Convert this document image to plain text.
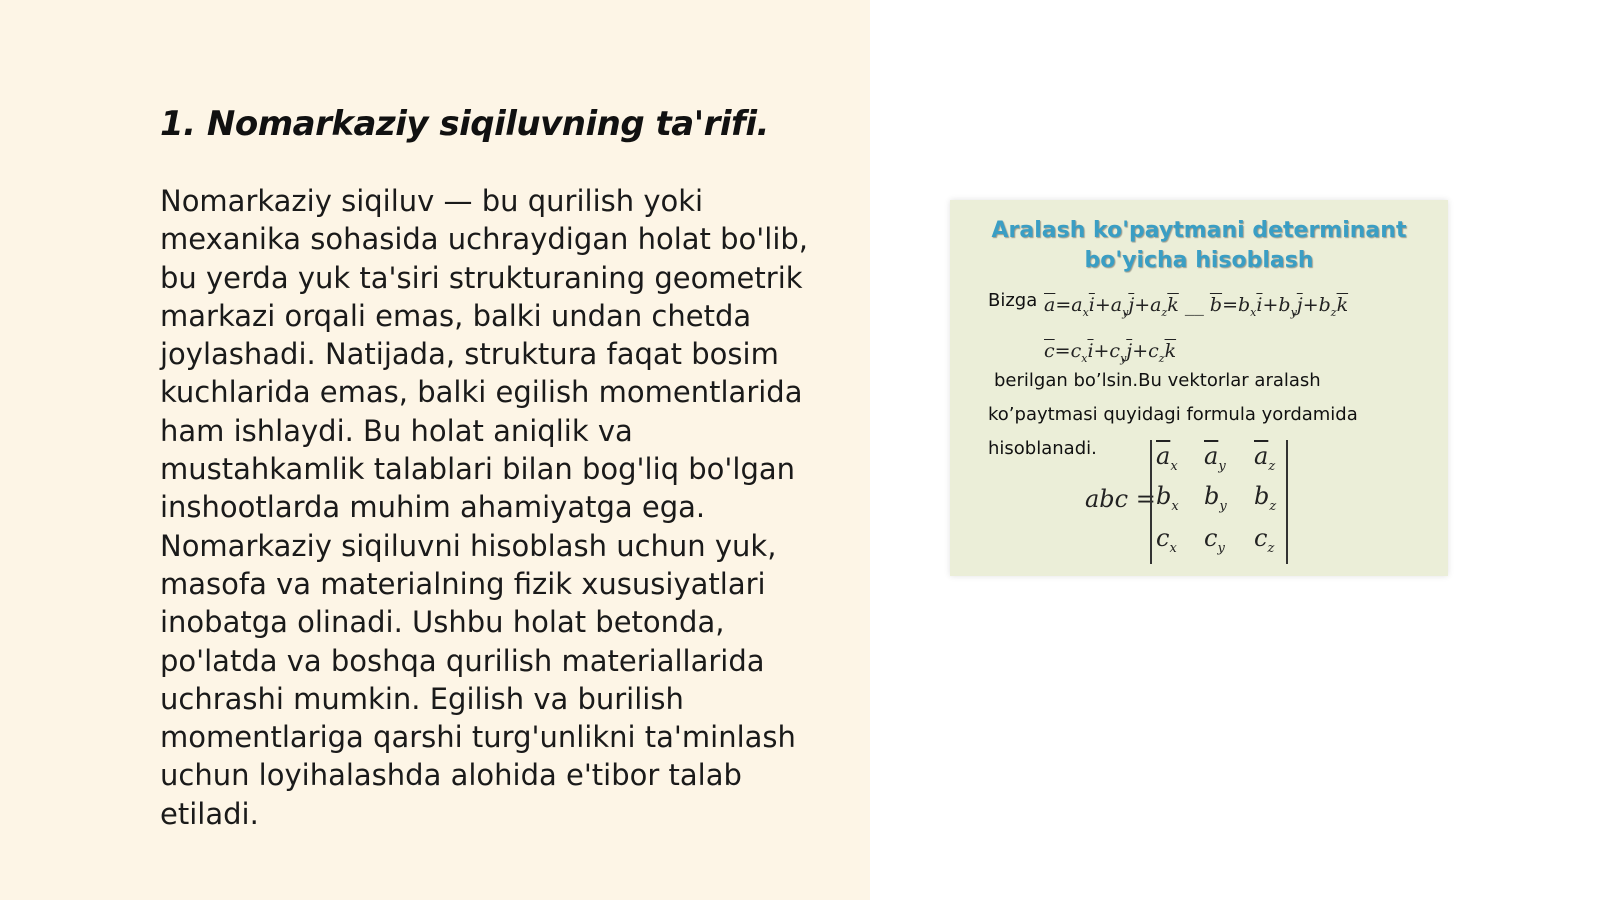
1. Nomarkaziy siqiluvning ta'rifi.

Nomarkaziy siqiluv — bu qurilish yoki mexanika sohasida uchraydigan holat bo'lib, bu yerda yuk ta'siri strukturaning geometrik markazi orqali emas, balki undan chetda joylashadi. Natijada, struktura faqat bosim kuchlarida emas, balki egilish momentlarida ham ishlaydi. Bu holat aniqlik va mustahkamlik talablari bilan bog'liq bo'lgan inshootlarda muhim ahamiyatga ega. Nomarkaziy siqiluvni hisoblash uchun yuk, masofa va materialning fizik xususiyatlari inobatga olinadi. Ushbu holat betonda, po'latda va boshqa qurilish materiallarida uchrashi mumkin. Egilish va burilish momentlariga qarshi turg'unlikni ta'minlash uchun loyihalashda alohida e'tibor talab etiladi.

Aralash ko'paytmani determinant
bo'yicha hisoblash
Bizga $\overline{a}=a_x\overline{i}+a_y\overline{j}+a_z\overline{k}$ __ $\overline{b}=b_x\overline{i}+b_y\overline{j}+b_z\overline{k}$
$\overline{c}=c_x\overline{i}+c_y\overline{j}+c_z\overline{k}$
berilgan bo’lsin.Bu vektorlar aralash
ko’paytmasi quyidagi formula yordamida
hisoblanadi.
abc =
$\overline{a}_x$	$\overline{a}_y$	$\overline{a}_z$
$b_x$	$b_y$	$b_z$
$c_x$	$c_y$	$c_z$
